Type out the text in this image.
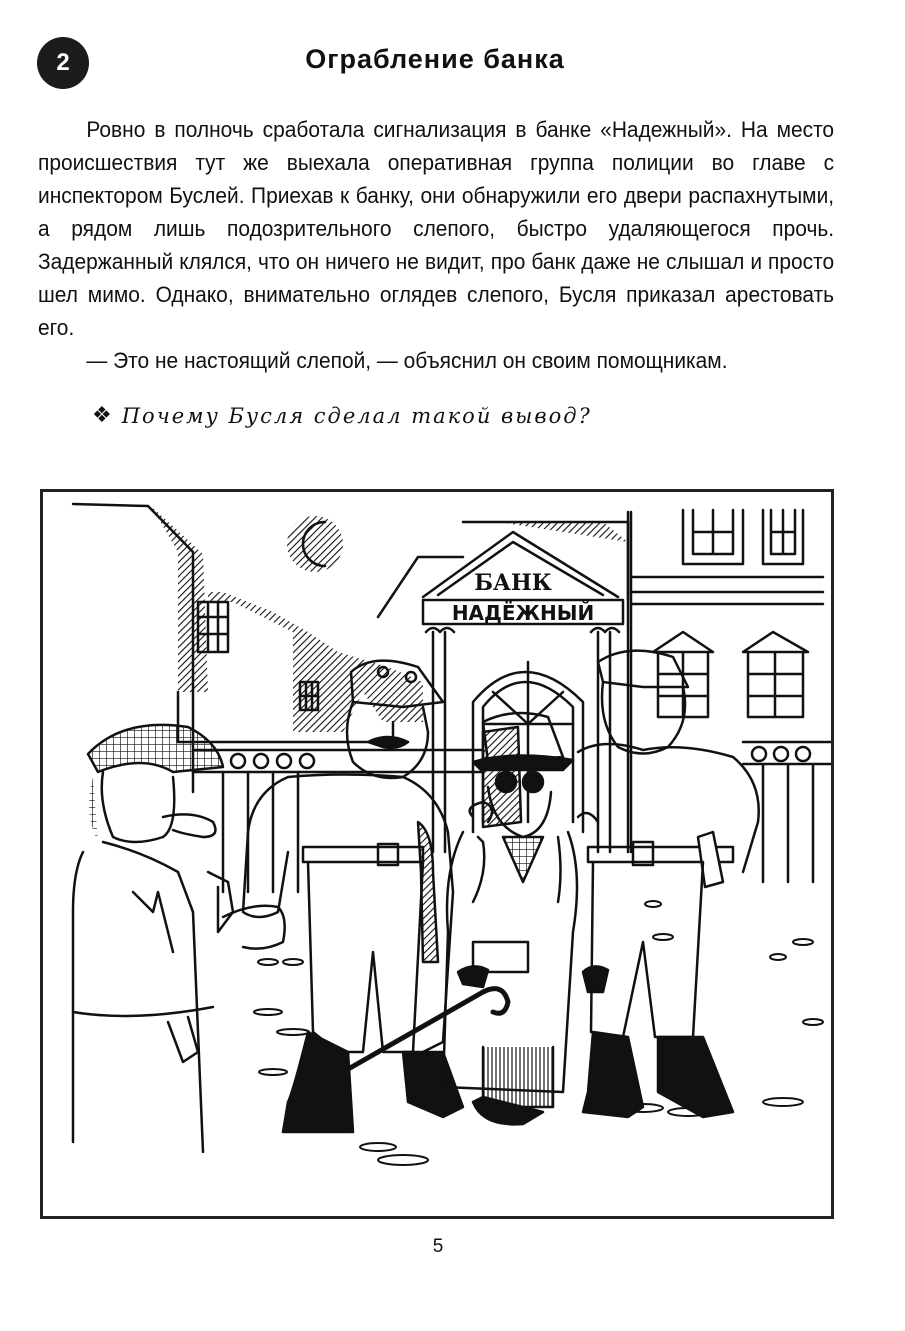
2	Ограбление банка

Ровно в полночь сработала сигнализация в банке «Надежный». На место происшествия тут же выехала оперативная группа полиции во главе с инспектором Буслей. Приехав к банку, они обнаружили его двери распахнутыми, а рядом лишь подозрительного слепого, быстро удаляющегося прочь. Задержанный клялся, что он ничего не видит, про банк даже не слышал и просто шел мимо. Однако, внимательно оглядев слепого, Бусля приказал арестовать его.

— Это не настоящий слепой, — объяснил он своим помощникам.

❖ Почему Бусля сделал такой вывод?
БАНК
НАДЁЖНЫЙ
5
